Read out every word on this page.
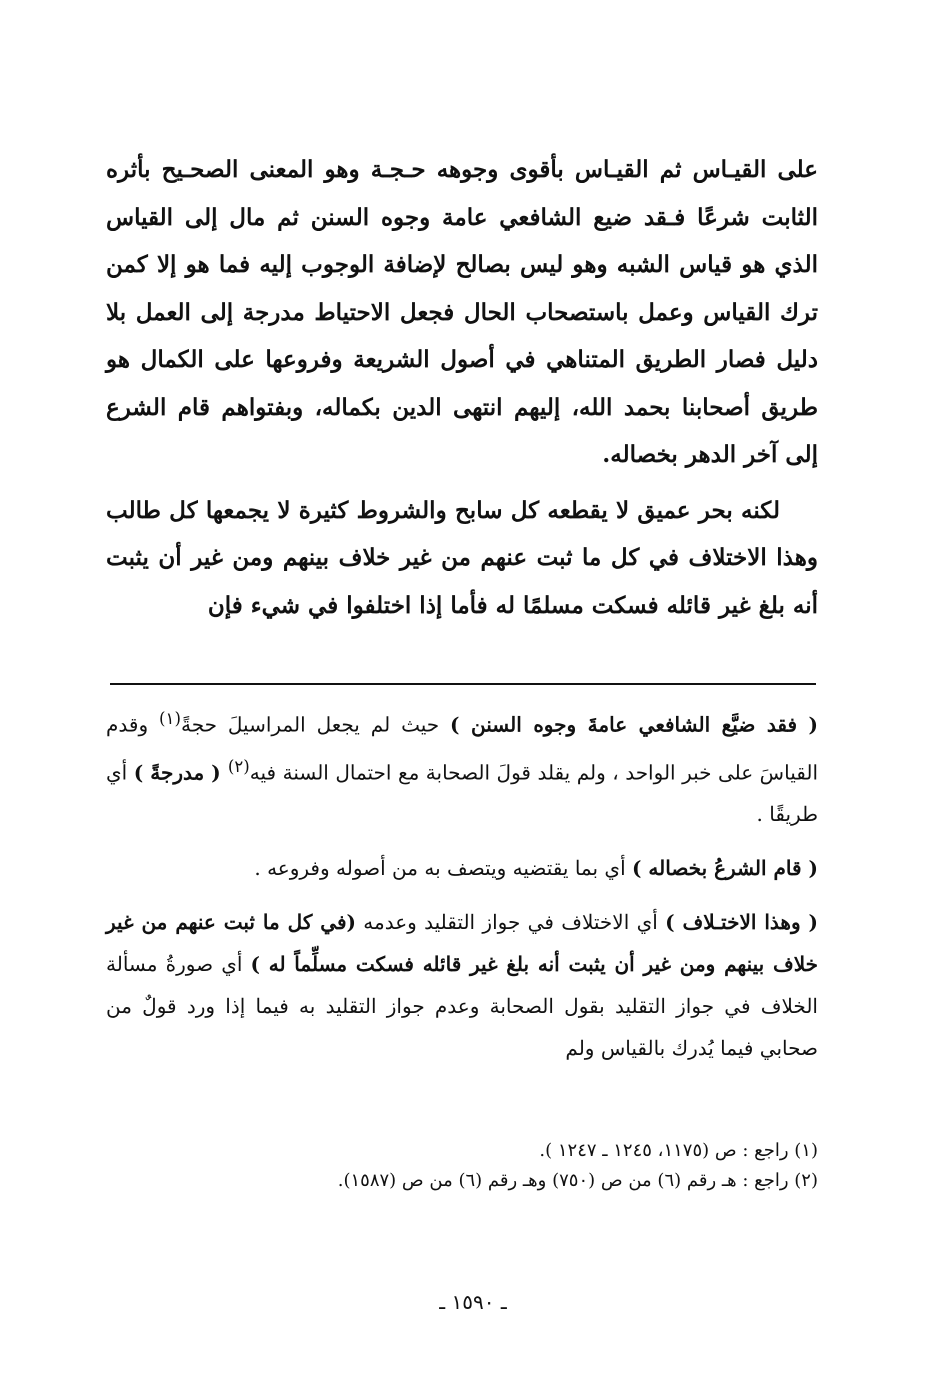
على القيـاس ثم القيـاس بأقوى وجوهه حـجـة وهو المعنى الصحـيح بأثره الثابت شرعًا فـقد ضيع الشافعي عامة وجوه السنن ثم مال إلى القياس الذي هو قياس الشبه وهو ليس بصالح لإضافة الوجوب إليه فما هو إلا كمن ترك القياس وعمل باستصحاب الحال فجعل الاحتياط مدرجة إلى العمل بلا دليل فصار الطريق المتناهي في أصول الشريعة وفروعها على الكمال هو طريق أصحابنا بحمد الله، إليهم انتهى الدين بكماله، وبفتواهم قام الشرع إلى آخر الدهر بخصاله.

لكنه بحر عميق لا يقطعه كل سابح والشروط كثيرة لا يجمعها كل طالب وهذا الاختلاف في كل ما ثبت عنهم من غير خلاف بينهم ومن غير أن يثبت أنه بلغ غير قائله فسكت مسلمًا له فأما إذا اختلفوا في شيء فإن

( فقد ضيَّع الشافعي عامةَ وجوه السنن ) حيث لم يجعل المراسيلَ حجةً$^{(١)}$ وقدم القياسَ على خبر الواحد ، ولم يقلد قولَ الصحابة مع احتمال السنة فيه$^{(٢)}$ ( مدرجةً ) أي طريقًا .

( قام الشرعُ بخصاله ) أي بما يقتضيه ويتصف به من أصوله وفروعه .

( وهذا الاختـلاف ) أي الاختلاف في جواز التقليد وعدمه (في كل ما ثبت عنهم من غير خلاف بينهم ومن غير أن يثبت أنه بلغ غير قائله فسكت مسلِّماً له ) أي صورةُ مسألة الخلاف في جواز التقليد بقول الصحابة وعدم جواز التقليد به فيما إذا ورد قولٌ من صحابي فيما يُدرك بالقياس ولم

(١) راجع : ص (١١٧٥، ١٢٤٥ ـ ١٢٤٧ ).

(٢) راجع : هـ رقم (٦) من ص (٧٥٠) وهـ رقم (٦) من ص (١٥٨٧).

ـ ١٥٩٠ ـ
